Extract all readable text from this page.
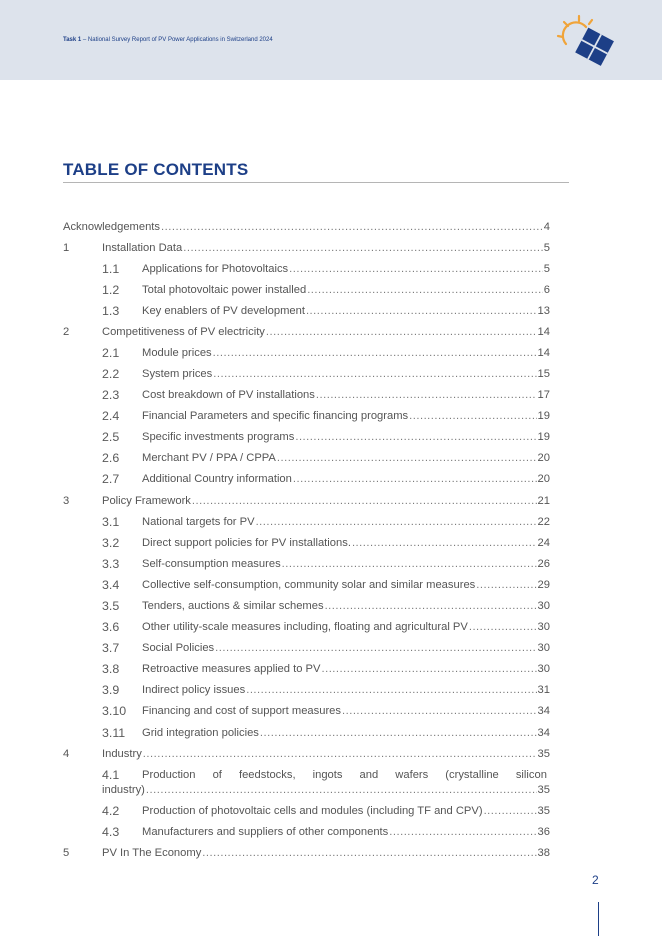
Task 1 – National Survey Report of PV Power Applications in Switzerland 2024
TABLE OF CONTENTS
Acknowledgements .....	4
1	Installation Data .....	5
1.1 Applications for Photovoltaics .....	5
1.2 Total photovoltaic power installed .....	6
1.3 Key enablers of PV development .....	13
2	Competitiveness of PV electricity .....	14
2.1 Module prices .....	14
2.2 System prices .....	15
2.3 Cost breakdown of PV installations .....	17
2.4 Financial Parameters and specific financing programs .....	19
2.5 Specific investments programs .....	19
2.6 Merchant PV / PPA / CPPA .....	20
2.7 Additional Country information .....	20
3	Policy Framework .....	21
3.1 National targets for PV .....	22
3.2 Direct support policies for PV installations. .....	24
3.3 Self-consumption measures .....	26
3.4 Collective self-consumption, community solar and similar measures .....	29
3.5 Tenders, auctions & similar schemes .....	30
3.6 Other utility-scale measures including, floating and agricultural PV .....	30
3.7 Social Policies .....	30
3.8 Retroactive measures applied to PV .....	30
3.9 Indirect policy issues .....	31
3.10 Financing and cost of support measures .....	34
3.11 Grid integration policies .....	34
4	Industry .....	35
4.1 Production of feedstocks, ingots and wafers (crystalline silicon
industry) .....	35
4.2 Production of photovoltaic cells and modules (including TF and CPV) .....	35
4.3 Manufacturers and suppliers of other components .....	36
5	PV In The Economy .....	38
2
